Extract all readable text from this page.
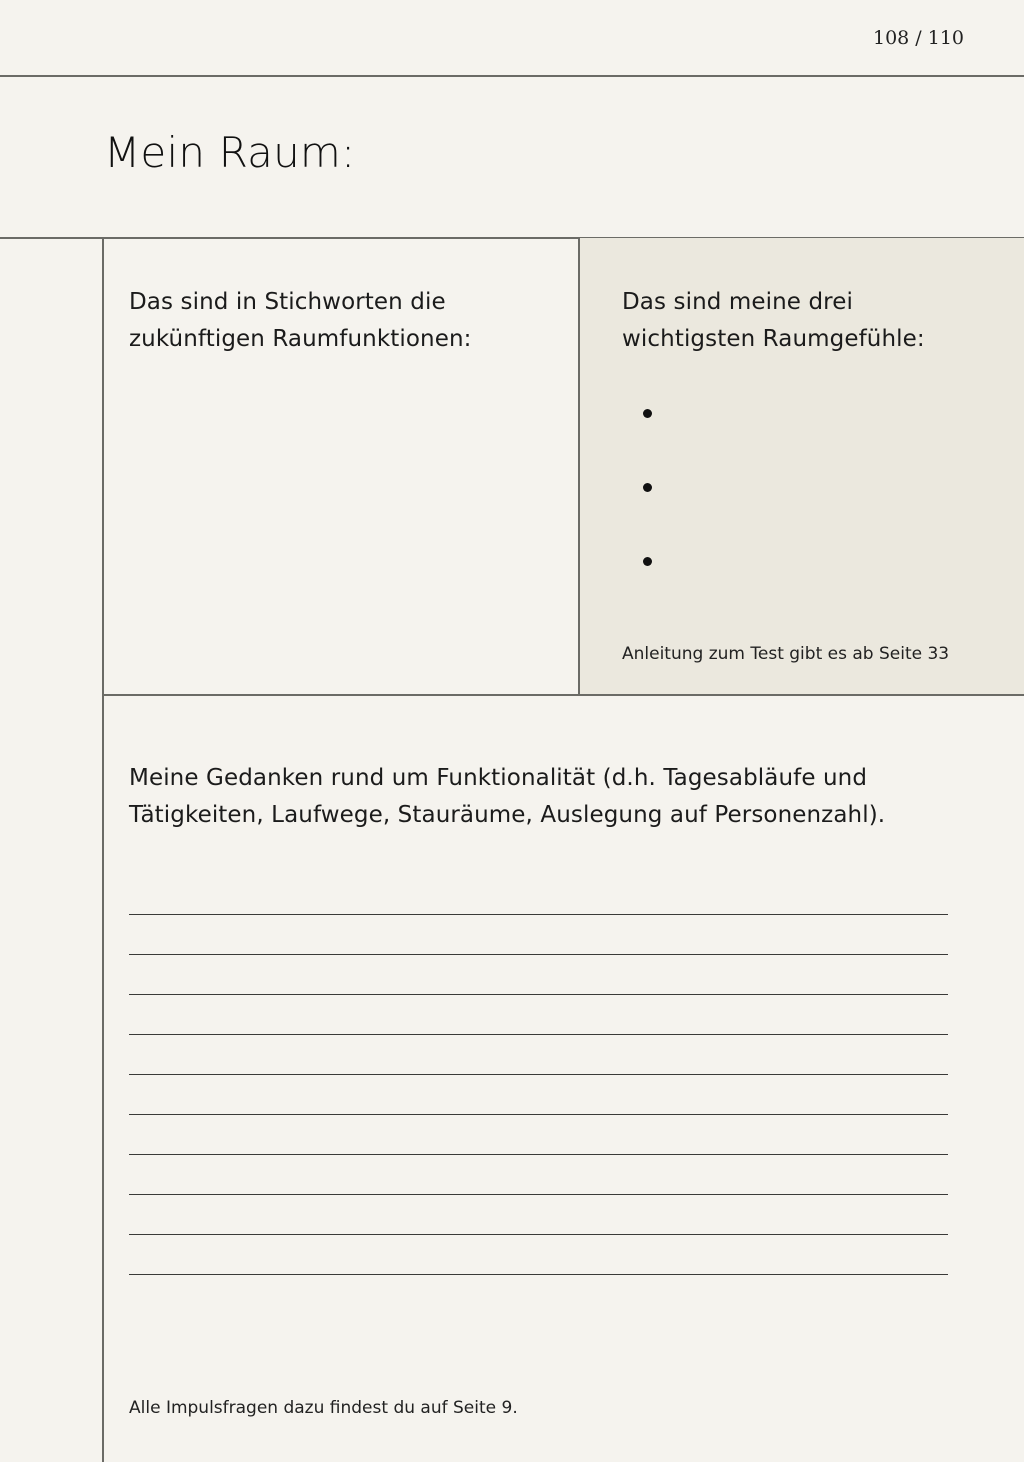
108 / 110
Mein Raum:
Das sind in Stichworten die
zukünftigen Raumfunktionen:
Das sind meine drei
wichtigsten Raumgefühle:
Anleitung zum Test gibt es ab Seite 33
Meine Gedanken rund um Funktionalität (d.h. Tagesabläufe und
Tätigkeiten, Laufwege, Stauräume, Auslegung auf Personenzahl).
Alle Impulsfragen dazu findest du auf Seite 9.
